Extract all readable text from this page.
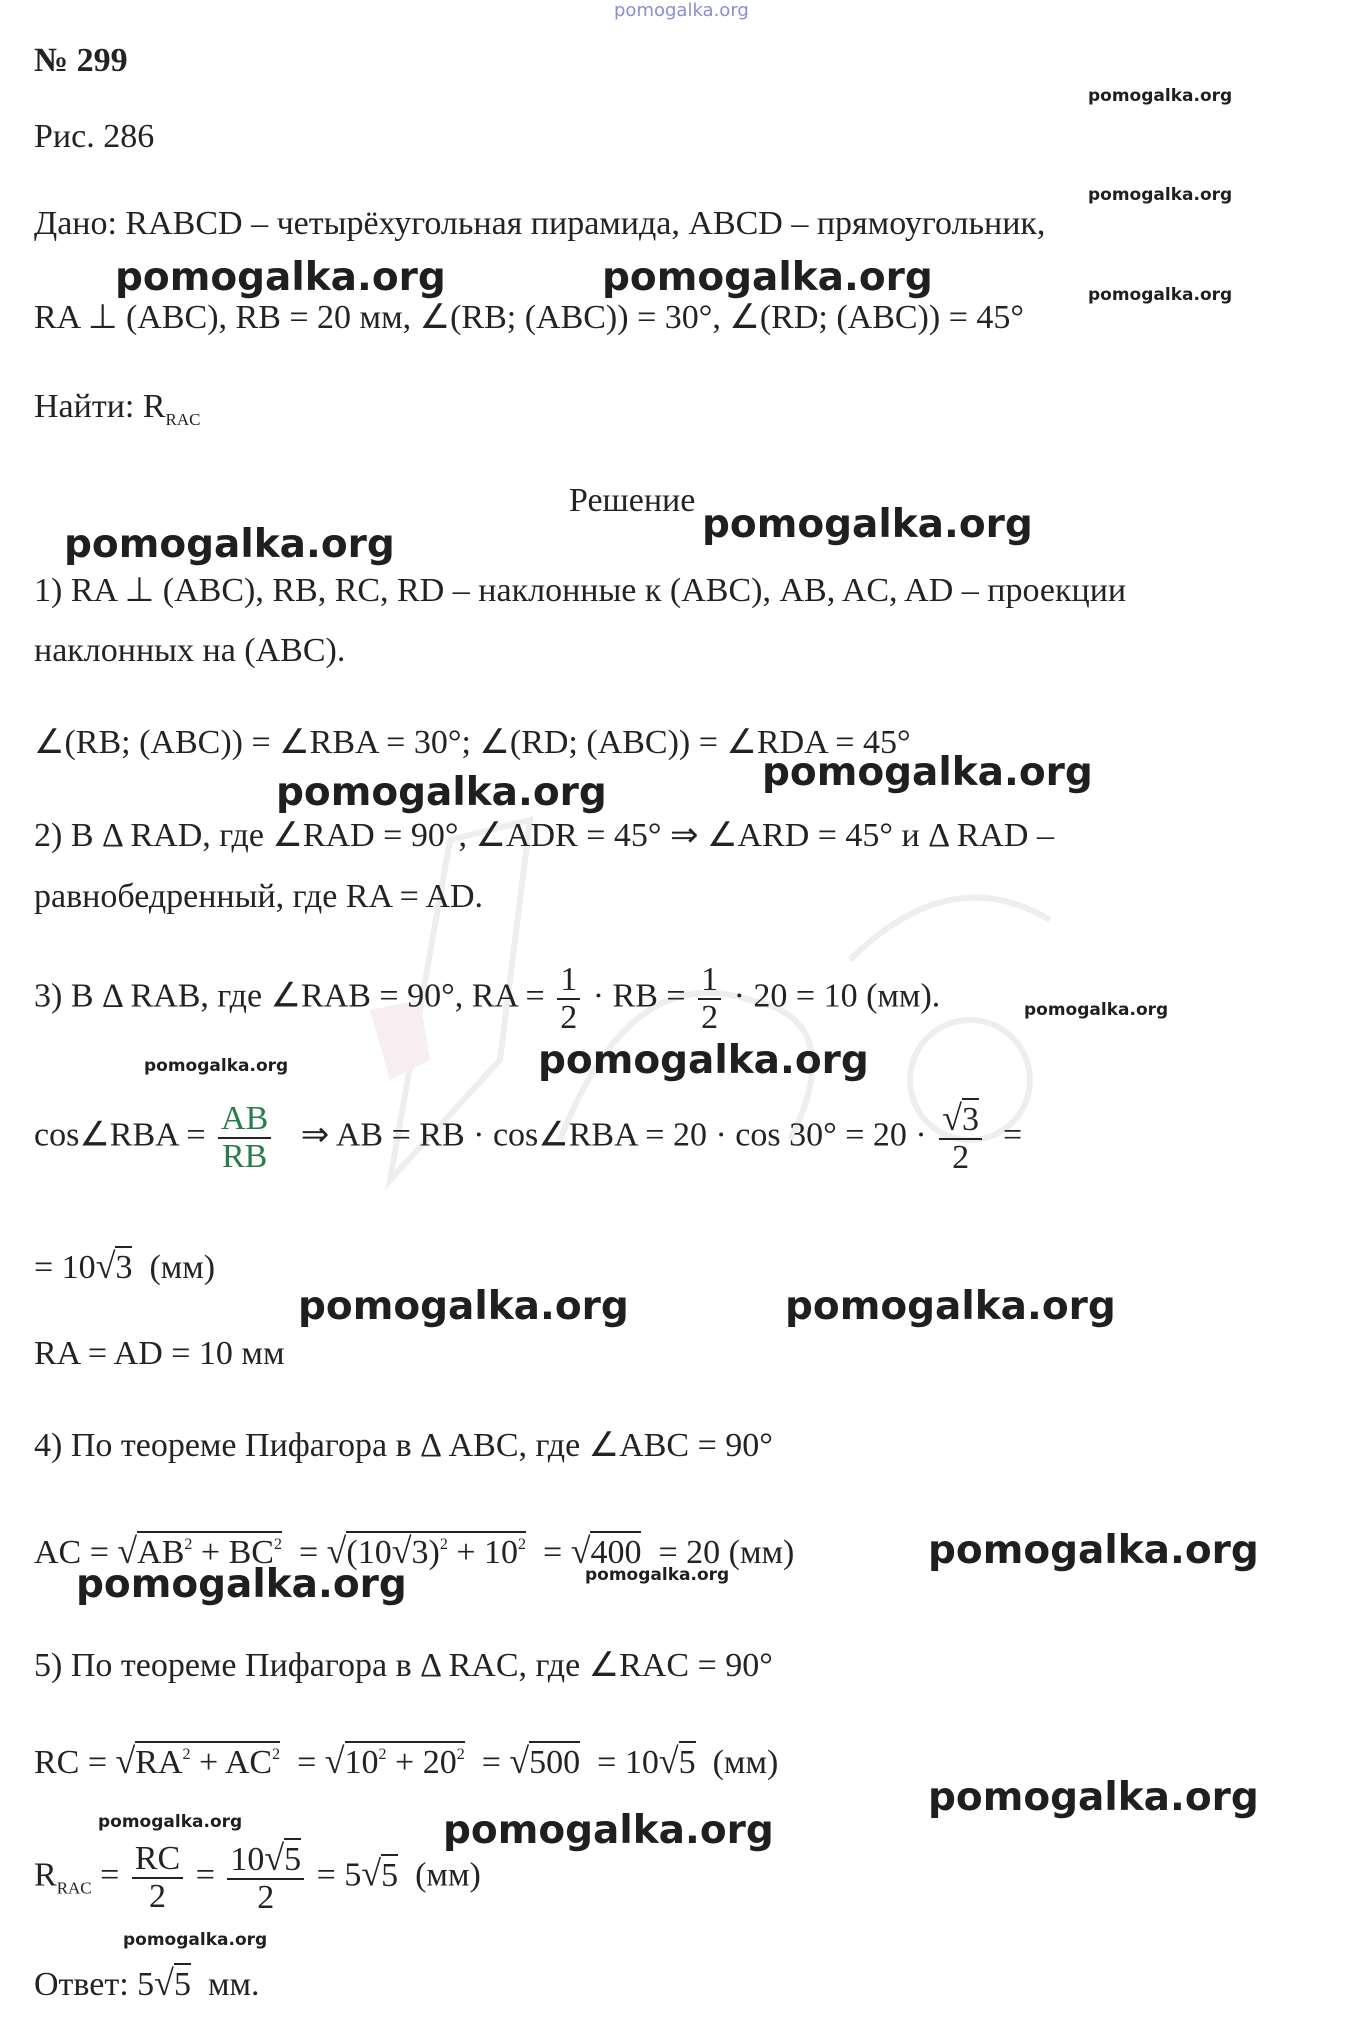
pomogalka.org
№ 299
Рис. 286
Дано: RABCD – четырёхугольная пирамида, ABCD – прямоугольник,
RA ⊥ (ABC), RB = 20 мм, ∠(RB; (ABC)) = 30°, ∠(RD; (ABC)) = 45°
Найти: $R_{RAC}$
Решение
1) RA ⊥ (ABC), RB, RC, RD – наклонные к (ABC), AB, AC, AD – проекции
наклонных на (ABC).
∠(RB; (ABC)) = ∠RBA = 30°; ∠(RD; (ABC)) = ∠RDA = 45°
2) В Δ RAD, где ∠RAD = 90°, ∠ADR = 45° ⇒ ∠ARD = 45° и Δ RAD –
равнобедренный, где RA = AD.
3) В Δ RAB, где ∠RAB = 90°, RA = $\frac{1}{2}$ · RB = $\frac{1}{2} \cdot 20 = 10$ (мм).
cos∠RBA = $\frac{AB}{RB}$ ⇒ AB = RB · cos∠RBA = $20 \cdot \cos 30^\circ = 20 \cdot \frac{√3}{2}$ =
= 10√3 (мм)
RA = AD = 10 мм
4) По теореме Пифагора в Δ ABC, где ∠ABC = 90°
AC = $√AB^2 + BC^2 = √(10√3)^2 + 10^2 = √400 = 20$ (мм)
5) По теореме Пифагора в Δ RAC, где ∠RAC = 90°
RC = $√RA^2 + AC^2 = √10^2 + 20^2 = √500 = 10√5$ (мм)
$R_{RAC} = \frac{RC}{2} = \frac{10√5}{2} = 5√5$ (мм)
Ответ: 5√5 мм.
pomogalka.org
pomogalka.org
pomogalka.org
pomogalka.org	pomogalka.org
pomogalka.org
pomogalka.org
pomogalka.org
pomogalka.org
pomogalka.org
pomogalka.org	pomogalka.org
pomogalka.org	pomogalka.org
pomogalka.org
pomogalka.org	pomogalka.org
pomogalka.org
pomogalka.org
pomogalka.org
pomogalka.org
